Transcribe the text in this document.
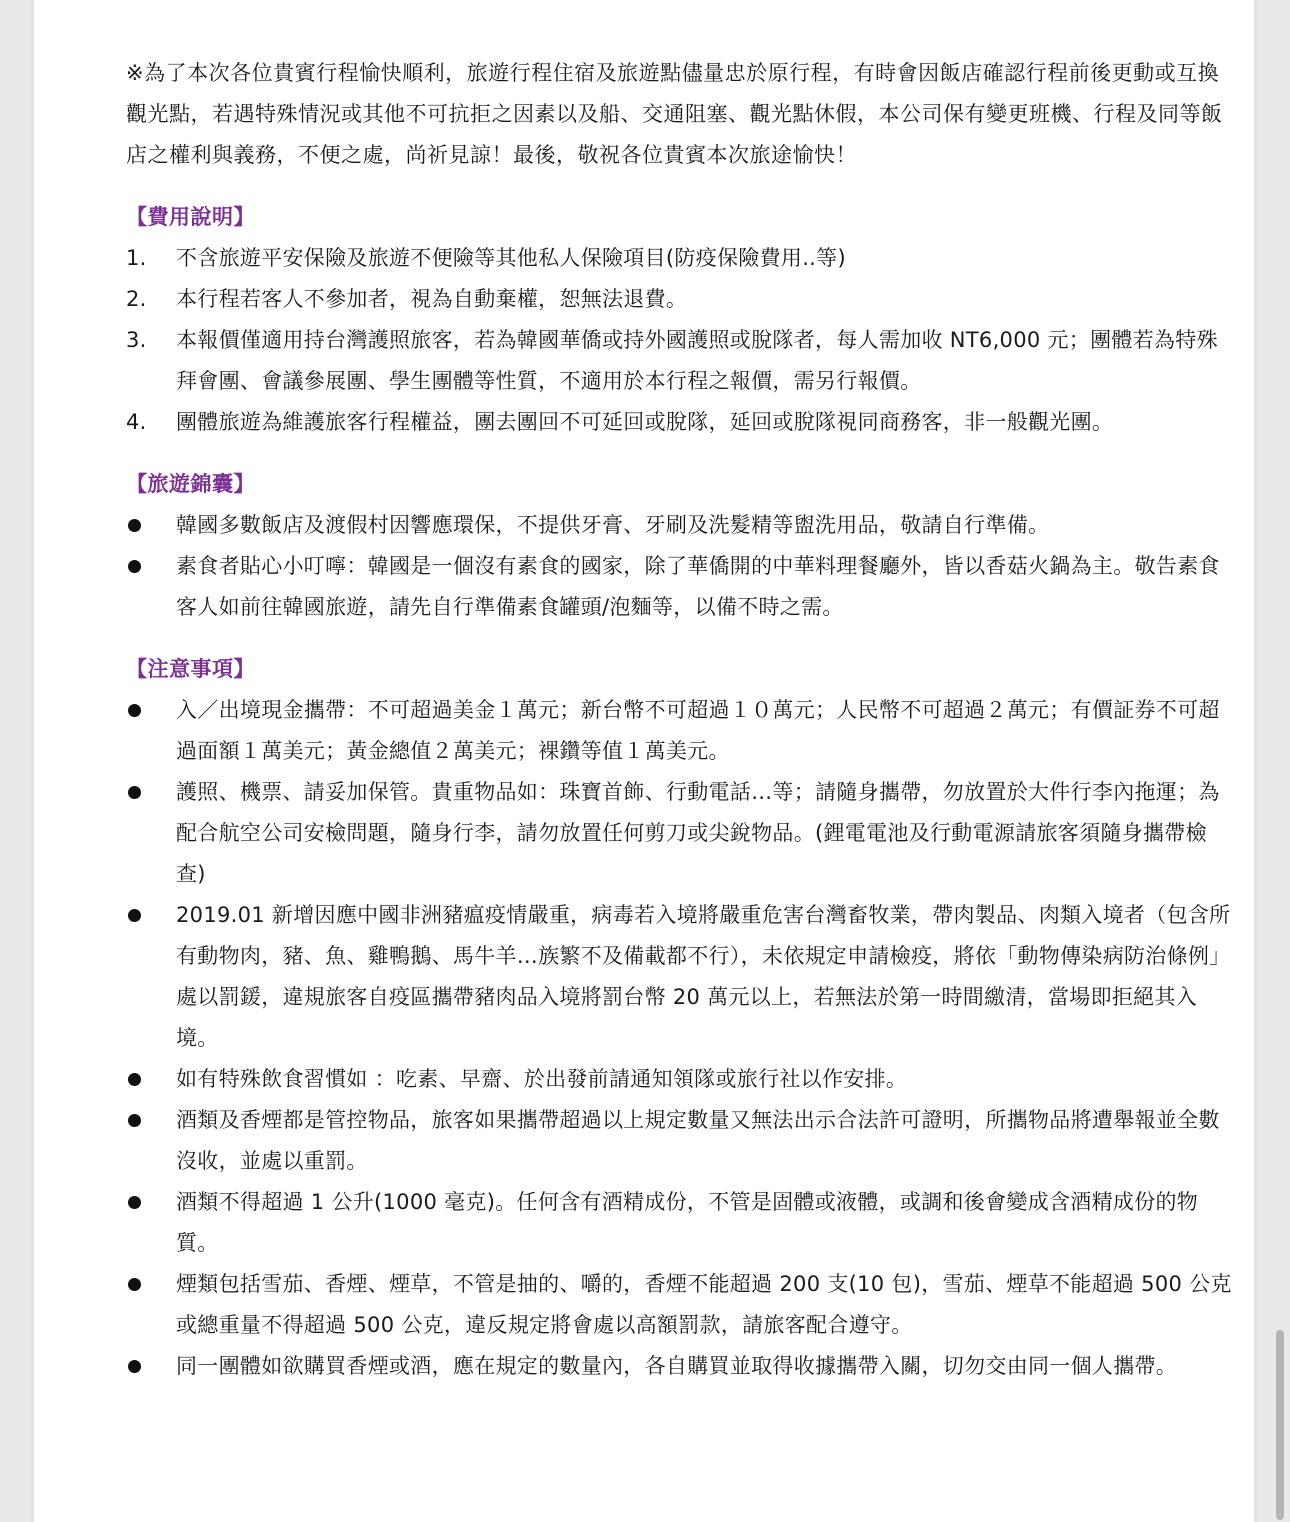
※為了本次各位貴賓行程愉快順利，旅遊行程住宿及旅遊點儘量忠於原行程，有時會因飯店確認行程前後更動或互換觀光點，若遇特殊情況或其他不可抗拒之因素以及船、交通阻塞、觀光點休假，本公司保有變更班機、行程及同等飯店之權利與義務，不便之處，尚祈見諒！最後，敬祝各位貴賓本次旅途愉快！

【費用說明】
1. 不含旅遊平安保險及旅遊不便險等其他私人保險項目(防疫保險費用..等)
2. 本行程若客人不參加者，視為自動棄權，恕無法退費。
3. 本報價僅適用持台灣護照旅客，若為韓國華僑或持外國護照或脫隊者，每人需加收 NT6,000 元；團體若為特殊拜會團、會議參展團、學生團體等性質，不適用於本行程之報價，需另行報價。
4. 團體旅遊為維護旅客行程權益，團去團回不可延回或脫隊，延回或脫隊視同商務客，非一般觀光團。
【旅遊錦囊】
韓國多數飯店及渡假村因響應環保，不提供牙膏、牙刷及洗髮精等盥洗用品，敬請自行準備。
素食者貼心小叮嚀：韓國是一個沒有素食的國家，除了華僑開的中華料理餐廳外，皆以香菇火鍋為主。敬告素食客人如前往韓國旅遊，請先自行準備素食罐頭/泡麵等，以備不時之需。
【注意事項】
入／出境現金攜帶：不可超過美金１萬元；新台幣不可超過１０萬元；人民幣不可超過２萬元；有價証券不可超過面額１萬美元；黃金總值２萬美元；裸鑽等值１萬美元。
護照、機票、請妥加保管。貴重物品如：珠寶首飾、行動電話…等；請隨身攜帶，勿放置於大件行李內拖運；為配合航空公司安檢問題，隨身行李，請勿放置任何剪刀或尖銳物品。(鋰電電池及行動電源請旅客須隨身攜帶檢查)
2019.01 新增因應中國非洲豬瘟疫情嚴重，病毒若入境將嚴重危害台灣畜牧業，帶肉製品、肉類入境者（包含所有動物肉，豬、魚、雞鴨鵝、馬牛羊…族繁不及備載都不行），未依規定申請檢疫，將依「動物傳染病防治條例」處以罰鍰，違規旅客自疫區攜帶豬肉品入境將罰台幣 20 萬元以上，若無法於第一時間繳清，當場即拒絕其入境。
如有特殊飲食習慣如 ：吃素、早齋、於出發前請通知領隊或旅行社以作安排。
酒類及香煙都是管控物品，旅客如果攜帶超過以上規定數量又無法出示合法許可證明，所攜物品將遭舉報並全數沒收，並處以重罰。
酒類不得超過 1 公升(1000 毫克)。任何含有酒精成份，不管是固體或液體，或調和後會變成含酒精成份的物質。
煙類包括雪茄、香煙、煙草，不管是抽的、嚼的，香煙不能超過 200 支(10 包)，雪茄、煙草不能超過 500 公克或總重量不得超過 500 公克，違反規定將會處以高額罰款，請旅客配合遵守。
同一團體如欲購買香煙或酒，應在規定的數量內，各自購買並取得收據攜帶入關，切勿交由同一個人攜帶。
